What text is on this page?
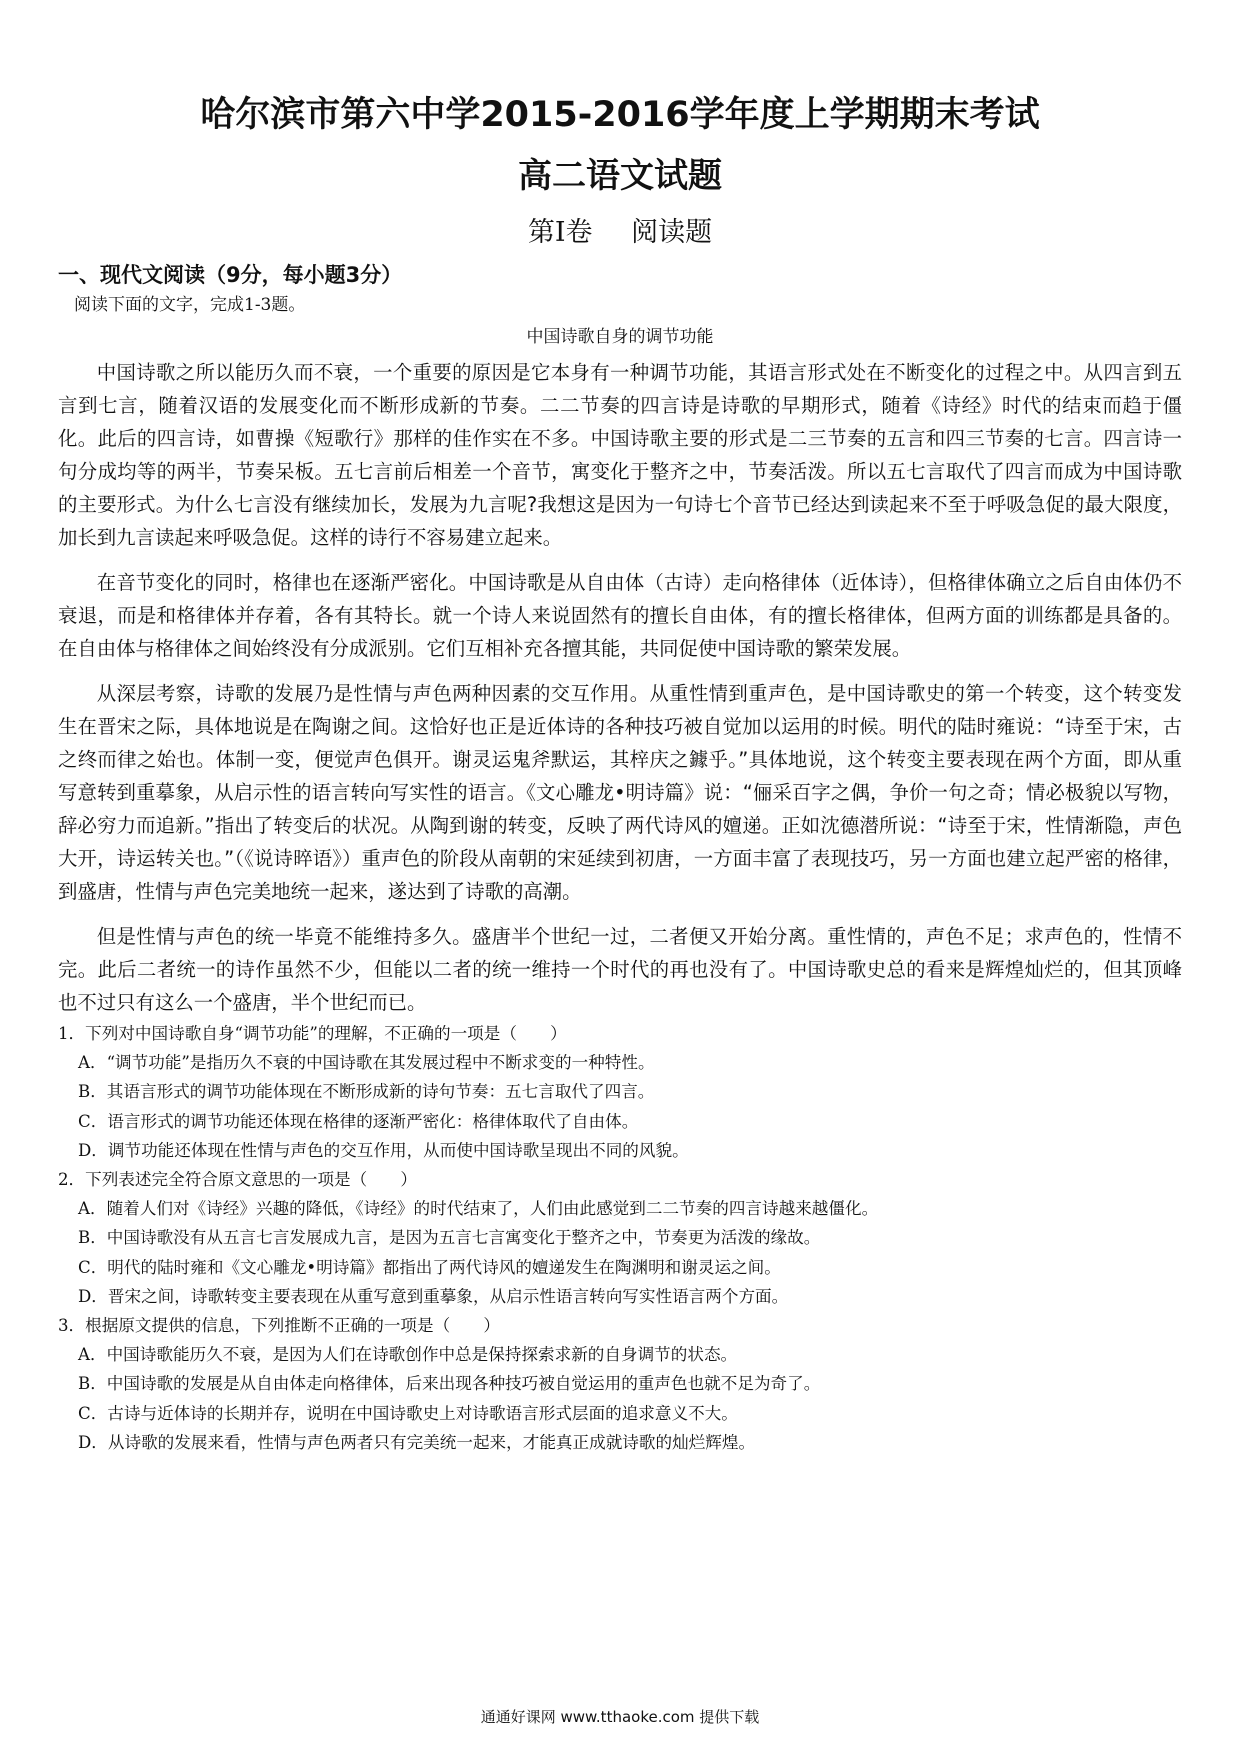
哈尔滨市第六中学2015-2016学年度上学期期末考试
高二语文试题
第Ⅰ卷 阅读题
一、现代文阅读（9分，每小题3分）
阅读下面的文字，完成1-3题。
中国诗歌自身的调节功能

中国诗歌之所以能历久而不衰，一个重要的原因是它本身有一种调节功能，其语言形式处在不断变化的过程之中。从四言到五言到七言，随着汉语的发展变化而不断形成新的节奏。二二节奏的四言诗是诗歌的早期形式，随着《诗经》时代的结束而趋于僵化。此后的四言诗，如曹操《短歌行》那样的佳作实在不多。中国诗歌主要的形式是二三节奏的五言和四三节奏的七言。四言诗一句分成均等的两半，节奏呆板。五七言前后相差一个音节，寓变化于整齐之中，节奏活泼。所以五七言取代了四言而成为中国诗歌的主要形式。为什么七言没有继续加长，发展为九言呢?我想这是因为一句诗七个音节已经达到读起来不至于呼吸急促的最大限度，加长到九言读起来呼吸急促。这样的诗行不容易建立起来。

在音节变化的同时，格律也在逐渐严密化。中国诗歌是从自由体（古诗）走向格律体（近体诗），但格律体确立之后自由体仍不衰退，而是和格律体并存着，各有其特长。就一个诗人来说固然有的擅长自由体，有的擅长格律体，但两方面的训练都是具备的。在自由体与格律体之间始终没有分成派别。它们互相补充各擅其能，共同促使中国诗歌的繁荣发展。

从深层考察，诗歌的发展乃是性情与声色两种因素的交互作用。从重性情到重声色，是中国诗歌史的第一个转变，这个转变发生在晋宋之际，具体地说是在陶谢之间。这恰好也正是近体诗的各种技巧被自觉加以运用的时候。明代的陆时雍说：“诗至于宋，古之终而律之始也。体制一变，便觉声色俱开。谢灵运鬼斧默运，其梓庆之鐻乎。”具体地说，这个转变主要表现在两个方面，即从重写意转到重摹象，从启示性的语言转向写实性的语言。《文心雕龙•明诗篇》说：“俪采百字之偶，争价一句之奇；情必极貌以写物，辞必穷力而追新。”指出了转变后的状况。从陶到谢的转变，反映了两代诗风的嬗递。正如沈德潜所说：“诗至于宋，性情渐隐，声色大开，诗运转关也。”（《说诗晬语》）重声色的阶段从南朝的宋延续到初唐，一方面丰富了表现技巧，另一方面也建立起严密的格律，到盛唐，性情与声色完美地统一起来，遂达到了诗歌的高潮。

但是性情与声色的统一毕竟不能维持多久。盛唐半个世纪一过，二者便又开始分离。重性情的，声色不足；求声色的，性情不完。此后二者统一的诗作虽然不少，但能以二者的统一维持一个时代的再也没有了。中国诗歌史总的看来是辉煌灿烂的，但其顶峰也不过只有这么一个盛唐，半个世纪而已。

1．下列对中国诗歌自身“调节功能”的理解，不正确的一项是（　　）
A．“调节功能”是指历久不衰的中国诗歌在其发展过程中不断求变的一种特性。
B．其语言形式的调节功能体现在不断形成新的诗句节奏：五七言取代了四言。
C．语言形式的调节功能还体现在格律的逐渐严密化：格律体取代了自由体。
D．调节功能还体现在性情与声色的交互作用，从而使中国诗歌呈现出不同的风貌。
2．下列表述完全符合原文意思的一项是（　　）
A．随着人们对《诗经》兴趣的降低，《诗经》的时代结束了，人们由此感觉到二二节奏的四言诗越来越僵化。
B．中国诗歌没有从五言七言发展成九言，是因为五言七言寓变化于整齐之中，节奏更为活泼的缘故。
C．明代的陆时雍和《文心雕龙•明诗篇》都指出了两代诗风的嬗递发生在陶渊明和谢灵运之间。
D．晋宋之间，诗歌转变主要表现在从重写意到重摹象，从启示性语言转向写实性语言两个方面。
3．根据原文提供的信息，下列推断不正确的一项是（　　）
A．中国诗歌能历久不衰，是因为人们在诗歌创作中总是保持探索求新的自身调节的状态。
B．中国诗歌的发展是从自由体走向格律体，后来出现各种技巧被自觉运用的重声色也就不足为奇了。
C．古诗与近体诗的长期并存，说明在中国诗歌史上对诗歌语言形式层面的追求意义不大。
D．从诗歌的发展来看，性情与声色两者只有完美统一起来，才能真正成就诗歌的灿烂辉煌。
通通好课网 www.tthaoke.com 提供下载
